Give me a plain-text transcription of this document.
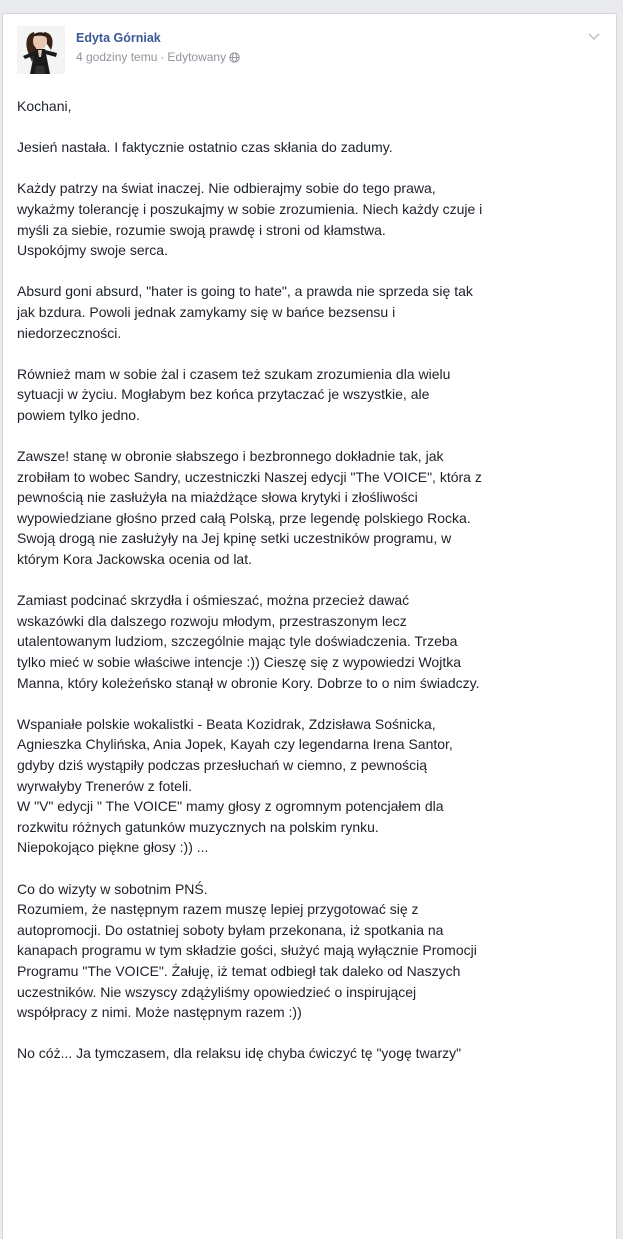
Edyta Górniak
4 godziny temu · Edytowany

Kochani,

Jesień nastała. I faktycznie ostatnio czas skłania do zadumy.

Każdy patrzy na świat inaczej. Nie odbierajmy sobie do tego prawa,
wykażmy tolerancję i poszukajmy w sobie zrozumienia. Niech każdy czuje i
myśli za siebie, rozumie swoją prawdę i stroni od kłamstwa.
Uspokójmy swoje serca.

Absurd goni absurd, "hater is going to hate", a prawda nie sprzeda się tak
jak bzdura. Powoli jednak zamykamy się w bańce bezsensu i
niedorzeczności.

Również mam w sobie żal i czasem też szukam zrozumienia dla wielu
sytuacji w życiu. Mogłabym bez końca przytaczać je wszystkie, ale
powiem tylko jedno.

Zawsze! stanę w obronie słabszego i bezbronnego dokładnie tak, jak
zrobiłam to wobec Sandry, uczestniczki Naszej edycji "The VOICE", która z
pewnością nie zasłużyła na miażdżące słowa krytyki i złośliwości
wypowiedziane głośno przed całą Polską, prze legendę polskiego Rocka.
Swoją drogą nie zasłużyły na Jej kpinę setki uczestników programu, w
którym Kora Jackowska ocenia od lat.

Zamiast podcinać skrzydła i ośmieszać, można przecież dawać
wskazówki dla dalszego rozwoju młodym, przestraszonym lecz
utalentowanym ludziom, szczególnie mając tyle doświadczenia. Trzeba
tylko mieć w sobie właściwe intencje :)) Cieszę się z wypowiedzi Wojtka
Manna, który koleżeńsko stanął w obronie Kory. Dobrze to o nim świadczy.

Wspaniałe polskie wokalistki - Beata Kozidrak, Zdzisława Sośnicka,
Agnieszka Chylińska, Ania Jopek, Kayah czy legendarna Irena Santor,
gdyby dziś wystąpiły podczas przesłuchań w ciemno, z pewnością
wyrwałyby Trenerów z foteli.
W "V" edycji " The VOICE" mamy głosy z ogromnym potencjałem dla
rozkwitu różnych gatunków muzycznych na polskim rynku.
Niepokojąco piękne głosy :)) ...

Co do wizyty w sobotnim PNŚ.
Rozumiem, że następnym razem muszę lepiej przygotować się z
autopromocji. Do ostatniej soboty byłam przekonana, iż spotkania na
kanapach programu w tym składzie gości, służyć mają wyłącznie Promocji
Programu "The VOICE". Żałuję, iż temat odbiegł tak daleko od Naszych
uczestników. Nie wszyscy zdążyliśmy opowiedzieć o inspirującej
współpracy z nimi. Może następnym razem :))

No cóż... Ja tymczasem, dla relaksu idę chyba ćwiczyć tę "yogę twarzy"
